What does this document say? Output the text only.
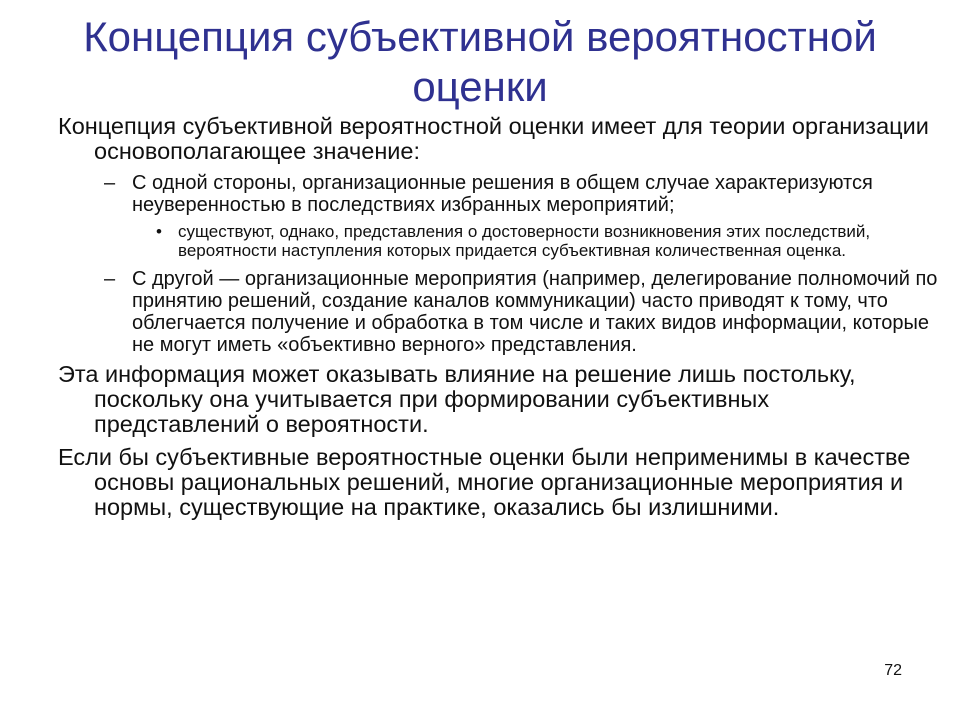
Концепция субъективной вероятностной оценки
Концепция субъективной вероятностной оценки имеет для теории организации основополагающее значение:
– С одной стороны, организационные решения в общем случае характеризуются неуверенностью в последствиях избранных мероприятий;
• существуют, однако, представления о достоверности возникновения этих последствий, вероятности наступления которых придается субъективная количественная оценка.
– С другой — организационные мероприятия (например, делегирование полномочий по принятию решений, создание каналов коммуникации) часто приводят к тому, что облегчается получение и обработка в том числе и таких видов информации, которые не могут иметь «объективно верного» представления.
Эта информация может оказывать влияние на решение лишь постольку, поскольку она учитывается при формировании субъективных представлений о вероятности.
Если бы субъективные вероятностные оценки были неприменимы в качестве основы рациональных решений, многие организационные мероприятия и нормы, существующие на практике, оказались бы излишними.
72
